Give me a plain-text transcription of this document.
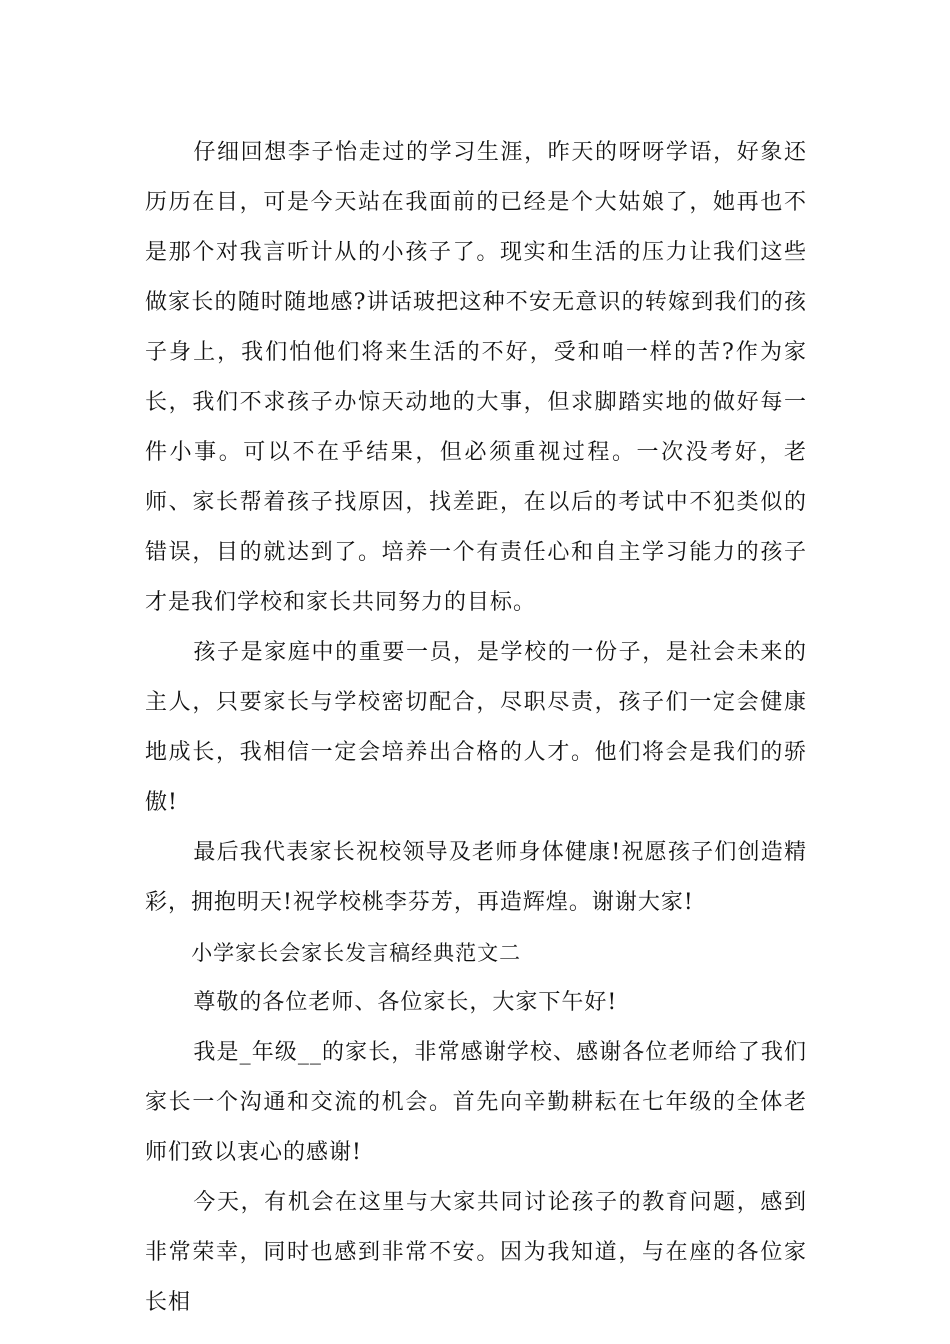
仔细回想李子怡走过的学习生涯，昨天的呀呀学语，好象还历历在目，可是今天站在我面前的已经是个大姑娘了，她再也不是那个对我言听计从的小孩子了。现实和生活的压力让我们这些做家长的随时随地感?讲话玻把这种不安无意识的转嫁到我们的孩子身上，我们怕他们将来生活的不好，受和咱一样的苦?作为家长，我们不求孩子办惊天动地的大事，但求脚踏实地的做好每一件小事。可以不在乎结果，但必须重视过程。一次没考好，老师、家长帮着孩子找原因，找差距，在以后的考试中不犯类似的错误，目的就达到了。培养一个有责任心和自主学习能力的孩子才是我们学校和家长共同努力的目标。

孩子是家庭中的重要一员，是学校的一份子，是社会未来的主人，只要家长与学校密切配合，尽职尽责，孩子们一定会健康地成长，我相信一定会培养出合格的人才。他们将会是我们的骄傲!

最后我代表家长祝校领导及老师身体健康!祝愿孩子们创造精彩，拥抱明天!祝学校桃李芬芳，再造辉煌。谢谢大家!

小学家长会家长发言稿经典范文二

尊敬的各位老师、各位家长，大家下午好!

我是_年级__的家长，非常感谢学校、感谢各位老师给了我们家长一个沟通和交流的机会。首先向辛勤耕耘在七年级的全体老师们致以衷心的感谢!

今天，有机会在这里与大家共同讨论孩子的教育问题，感到非常荣幸，同时也感到非常不安。因为我知道，与在座的各位家长相
